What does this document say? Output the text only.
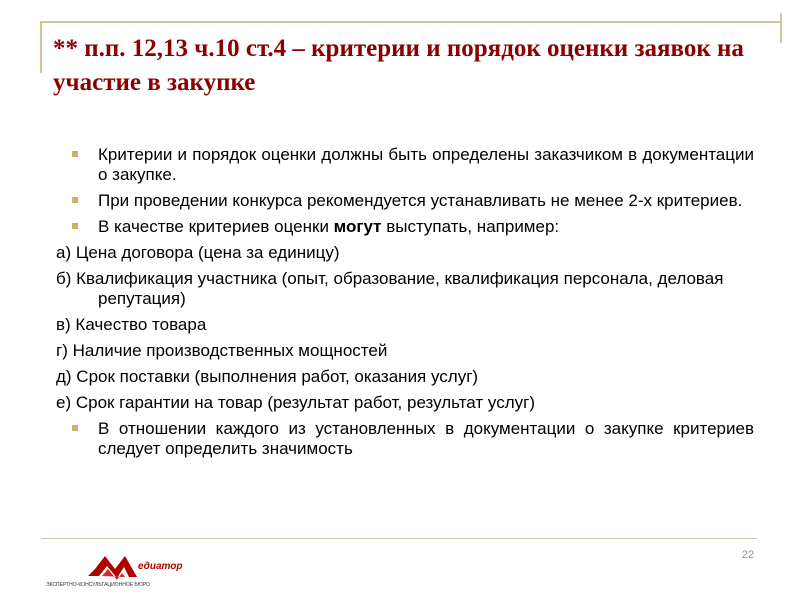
** п.п. 12,13 ч.10 ст.4 – критерии и порядок оценки заявок на участие в закупке
Критерии и порядок оценки должны быть определены заказчиком в документации о закупке.
При проведении конкурса рекомендуется устанавливать не менее 2-х критериев.
В качестве критериев оценки могут выступать, например:
а) Цена договора (цена за единицу)
б) Квалификация участника (опыт, образование, квалификация персонала, деловая репутация)
в) Качество товара
г) Наличие производственных мощностей
д) Срок поставки (выполнения работ, оказания услуг)
е) Срок гарантии на товар (результат работ, результат услуг)
В отношении каждого из установленных в документации о закупке критериев следует определить значимость
22
едиатор
ЭКСПЕРТНО-КОНСУЛЬТАЦИОННОЕ БЮРО
